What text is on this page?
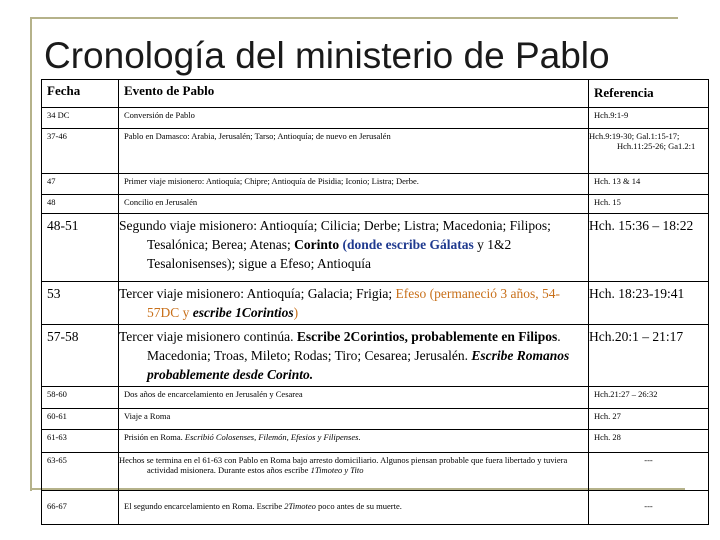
Cronología del ministerio de Pablo
Fecha	Evento de Pablo	Referencia
34 DC	Conversión de Pablo	Hch.9:1-9
37-46	Pablo en Damasco: Arabia, Jerusalén; Tarso; Antioquía; de nuevo en Jerusalén	Hch.9:19-30; Gal.1:15-17; Hch.11:25-26; Ga1.2:1
47	Primer viaje misionero: Antioquía; Chipre; Antioquía de Pisidia; Iconio; Listra; Derbe.	Hch. 13 & 14
48	Concilio en Jerusalén	Hch. 15
48-51	Segundo viaje misionero: Antioquía; Cilicia; Derbe; Listra; Macedonia; Filipos; Tesalónica; Berea; Atenas; Corinto (donde escribe Gálatas y 1&2 Tesalonisenses); sigue a Efeso; Antioquía	Hch. 15:36 – 18:22
53	Tercer viaje misionero: Antioquía; Galacia; Frigia; Efeso (permaneció 3 años, 54-57DC y escribe 1Corintios)	Hch. 18:23-19:41
57-58	Tercer viaje misionero continúa. Escribe 2Corintios, probablemente en Filipos. Macedonia; Troas, Mileto; Rodas; Tiro; Cesarea; Jerusalén. Escribe Romanos probablemente desde Corinto.	Hch.20:1 – 21:17
58-60	Dos años de encarcelamiento en Jerusalén y Cesarea	Hch.21:27 – 26:32
60-61	Viaje a Roma	Hch. 27
61-63	Prisión en Roma. Escribió Colosenses, Filemón, Efesios y Filipenses.	Hch. 28
63-65	Hechos se termina en el 61-63 con Pablo en Roma bajo arresto domiciliario. Algunos piensan probable que fuera libertado y tuviera actividad misionera. Durante estos años escribe 1Timoteo y Tito	---
66-67	El segundo encarcelamiento en Roma. Escribe 2Timoteo poco antes de su muerte.	---
